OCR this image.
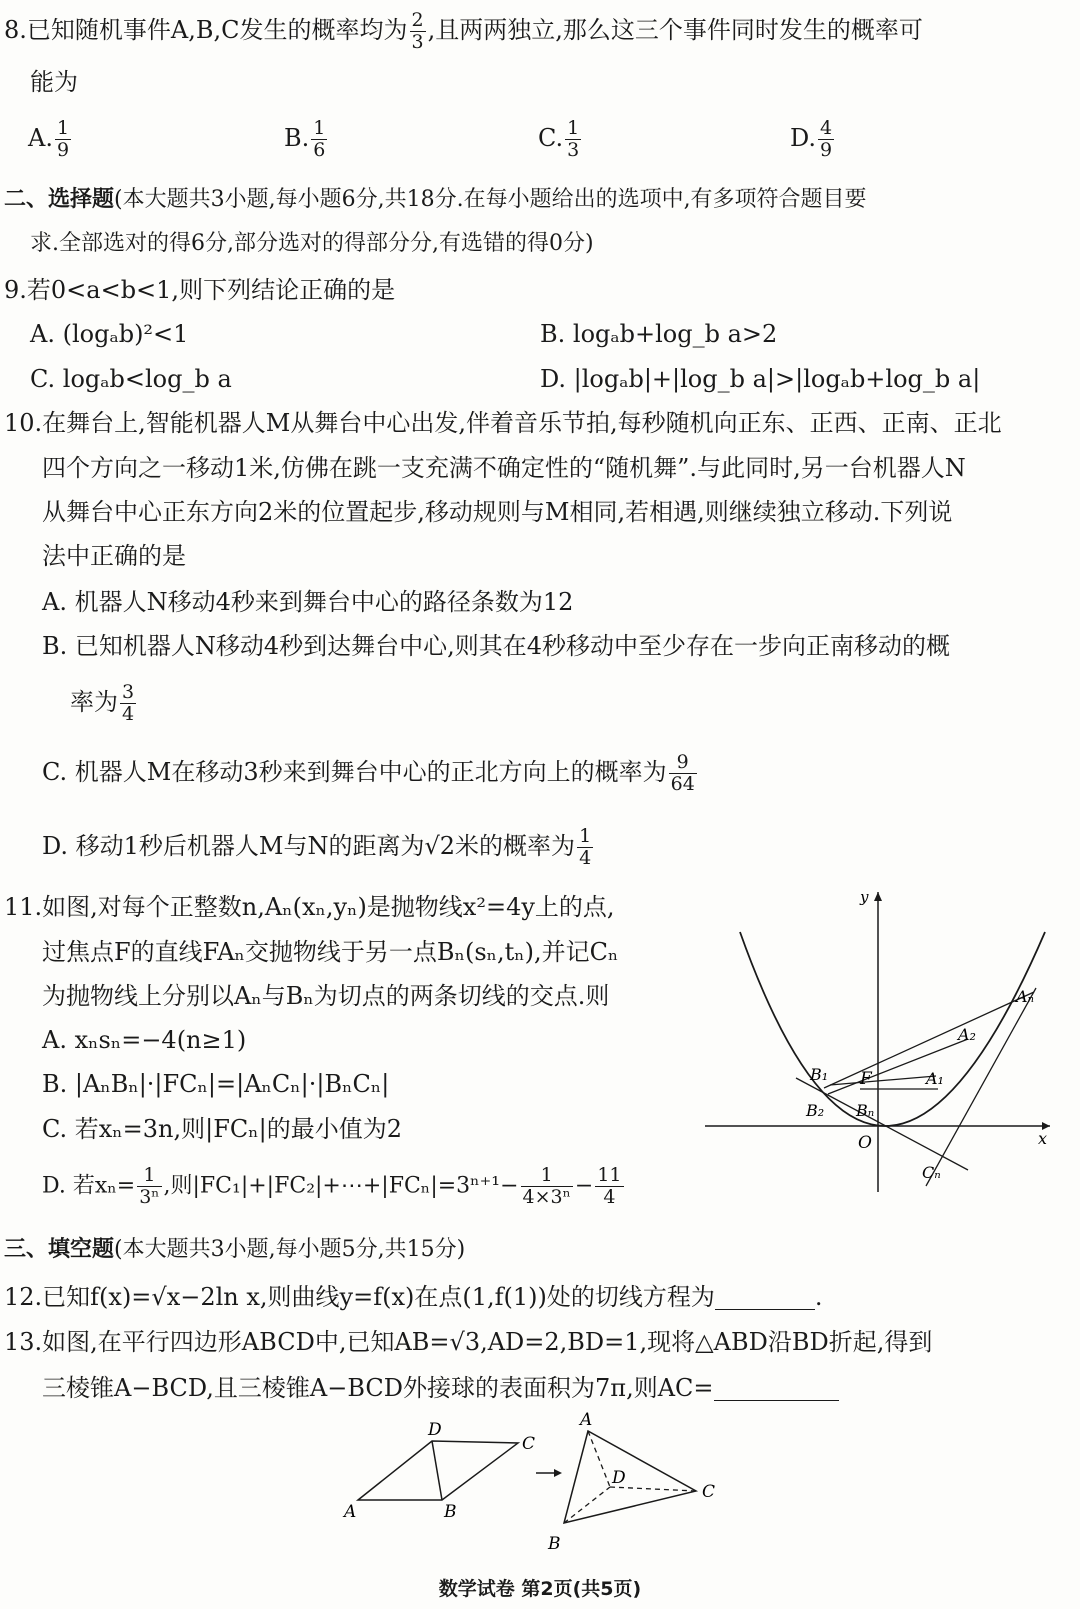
8.已知随机事件A,B,C发生的概率均为 $\frac{2}{3}$ ,且两两独立,那么这三个事件同时发生的概率可
能为
A. $\frac{1}{9}$	B. $\frac{1}{6}$	C. $\frac{1}{3}$	D. $\frac{4}{9}$
二、选择题(本大题共3小题,每小题6分,共18分.在每小题给出的选项中,有多项符合题目要
求.全部选对的得6分,部分选对的得部分分,有选错的得0分)
9.若0<a<b<1,则下列结论正确的是
A. (logₐb)²<1	B. logₐb+log_b a>2
C. logₐb<log_b a	D. |logₐb|+|log_b a|>|logₐb+log_b a|
10.在舞台上,智能机器人M从舞台中心出发,伴着音乐节拍,每秒随机向正东、正西、正南、正北
四个方向之一移动1米,仿佛在跳一支充满不确定性的“随机舞”.与此同时,另一台机器人N
从舞台中心正东方向2米的位置起步,移动规则与M相同,若相遇,则继续独立移动.下列说
法中正确的是
A. 机器人N移动4秒来到舞台中心的路径条数为12
B. 已知机器人N移动4秒到达舞台中心,则其在4秒移动中至少存在一步向正南移动的概
率为 $\frac{3}{4}$
C. 机器人M在移动3秒来到舞台中心的正北方向上的概率为 $\frac{9}{64}$
D. 移动1秒后机器人M与N的距离为√2米的概率为 $\frac{1}{4}$
11.如图,对每个正整数n,Aₙ(xₙ,yₙ)是抛物线x²=4y上的点,
过焦点F的直线FAₙ交抛物线于另一点Bₙ(sₙ,tₙ),并记Cₙ
为抛物线上分别以Aₙ与Bₙ为切点的两条切线的交点.则
A. xₙsₙ=−4(n≥1)
B. |AₙBₙ|·|FCₙ|=|AₙCₙ|·|BₙCₙ|
C. 若xₙ=3n,则|FCₙ|的最小值为2
D. 若$x_n= \frac{1}{\text{3ⁿ}}$ ,则|FC₁|+|FC₂|+⋯+|FCₙ|=3ⁿ⁺¹− $\frac{1}{\text{4×3ⁿ}} - \frac{11}{4}$
y
x
O
F
Aₙ
A₂
A₁
B₁
B₂ Bₙ
Cₙ
三、填空题(本大题共3小题,每小题5分,共15分)
12.已知f(x)=√x−2ln x,则曲线y=f(x)在点(1,f(1))处的切线方程为	.
13.如图,在平行四边形ABCD中,已知AB=√3,AD=2,BD=1,现将△ABD沿BD折起,得到
三棱锥A−BCD,且三棱锥A−BCD外接球的表面积为7π,则AC=
A	B
C
D	A
B
C
D
数学试卷 第2页(共5页)
